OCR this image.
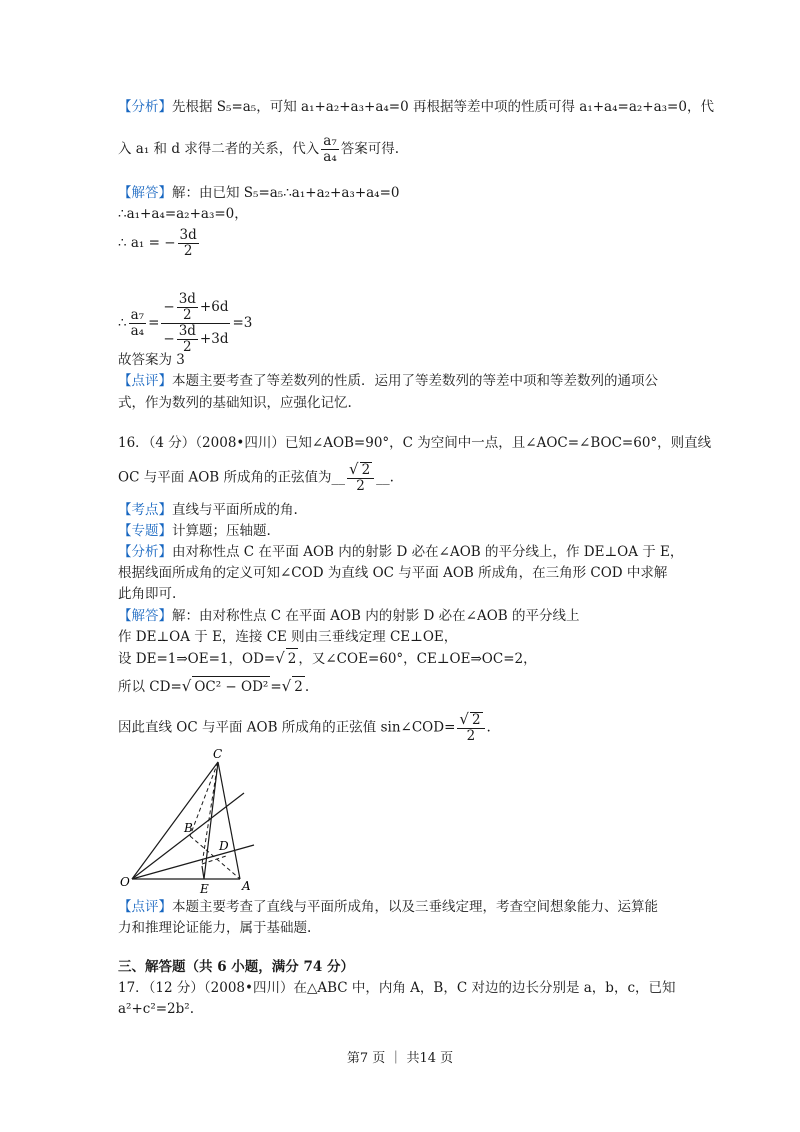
【分析】先根据 S₅=a₅，可知 a₁+a₂+a₃+a₄=0 再根据等差中项的性质可得 a₁+a₄=a₂+a₃=0，代
入 a₁ 和 d 求得二者的关系，代入 $\frac{\text{a₇}}{\text{a₄}}$ 答案可得.
【解答】解：由已知 S₅=a₅∴a₁+a₂+a₃+a₄=0
∴a₁+a₄=a₂+a₃=0，
∴ a₁ = − $\frac{3d}{2}$
∴ $\frac{\text{a₇}}{\text{a₄}} = \frac{- \frac{3d}{2} +6d}{- \frac{3d}{2} +3d} =3$
故答案为 3
【点评】本题主要考查了等差数列的性质．运用了等差数列的等差中项和等差数列的通项公
式，作为数列的基础知识，应强化记忆.
16．（4 分）（2008•四川）已知∠AOB=90°，C 为空间中一点，且∠AOC=∠BOC=60°，则直线
OC 与平面 AOB 所成角的正弦值为__ $\frac{√ 2}{2}$ __.
【考点】直线与平面所成的角.
【专题】计算题；压轴题.
【分析】由对称性点 C 在平面 AOB 内的射影 D 必在∠AOB 的平分线上，作 DE⊥OA 于 E，
根据线面所成角的定义可知∠COD 为直线 OC 与平面 AOB 所成角，在三角形 COD 中求解
此角即可.
【解答】解：由对称性点 C 在平面 AOB 内的射影 D 必在∠AOB 的平分线上
作 DE⊥OA 于 E，连接 CE 则由三垂线定理 CE⊥OE，
设 DE=1⇒OE=1，OD=√ 2 ，又∠COE=60°，CE⊥OE⇒OC=2，
所以 CD=√ OC² − OD² =√ 2 .
因此直线 OC 与平面 AOB 所成角的正弦值 sin∠COD= $\frac{√ 2}{2}$ .
C
B
D
O	E	A
【点评】本题主要考查了直线与平面所成角，以及三垂线定理，考查空间想象能力、运算能
力和推理论证能力，属于基础题.
三、解答题（共 6 小题，满分 74 分）
17．（12 分）（2008•四川）在△ABC 中，内角 A，B，C 对边的边长分别是 a，b，c，已知
a²+c²=2b².
第7 页 ｜ 共14 页
